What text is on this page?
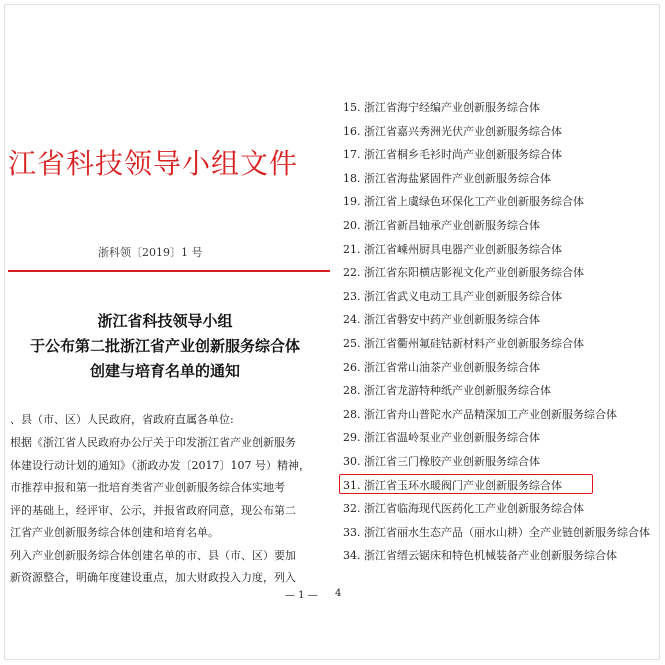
江省科技领导小组文件
浙科领〔2019〕1 号
浙江省科技领导小组
于公布第二批浙江省产业创新服务综合体
创建与培育名单的通知
、县（市、区）人民政府，省政府直属各单位:
根据《浙江省人民政府办公厅关于印发浙江省产业创新服务
体建设行动计划的通知》（浙政办发〔2017〕107 号）精神，
市推荐申报和第一批培育类省产业创新服务综合体实地考
评的基础上，经评审、公示，并报省政府同意，现公布第二
江省产业创新服务综合体创建和培育名单。
列入产业创新服务综合体创建名单的市、县（市、区）要加
新资源整合，明确年度建设重点，加大财政投入力度，列入
— 1 —
15. 浙江省海宁经编产业创新服务综合体
16. 浙江省嘉兴秀洲光伏产业创新服务综合体
17. 浙江省桐乡毛衫时尚产业创新服务综合体
18. 浙江省海盐紧固件产业创新服务综合体
19. 浙江省上虞绿色环保化工产业创新服务综合体
20. 浙江省新昌轴承产业创新服务综合体
21. 浙江省嵊州厨具电器产业创新服务综合体
22. 浙江省东阳横店影视文化产业创新服务综合体
23. 浙江省武义电动工具产业创新服务综合体
24. 浙江省磐安中药产业创新服务综合体
25. 浙江省衢州氟硅钴新材料产业创新服务综合体
26. 浙江省常山油茶产业创新服务综合体
28. 浙江省龙游特种纸产业创新服务综合体
28. 浙江省舟山普陀水产品精深加工产业创新服务综合体
29. 浙江省温岭泵业产业创新服务综合体
30. 浙江省三门橡胶产业创新服务综合体
31. 浙江省玉环水暖阀门产业创新服务综合体
32. 浙江省临海现代医药化工产业创新服务综合体
33. 浙江省丽水生态产品（丽水山耕）全产业链创新服务综合体
34. 浙江省缙云锯床和特色机械装备产业创新服务综合体
4
